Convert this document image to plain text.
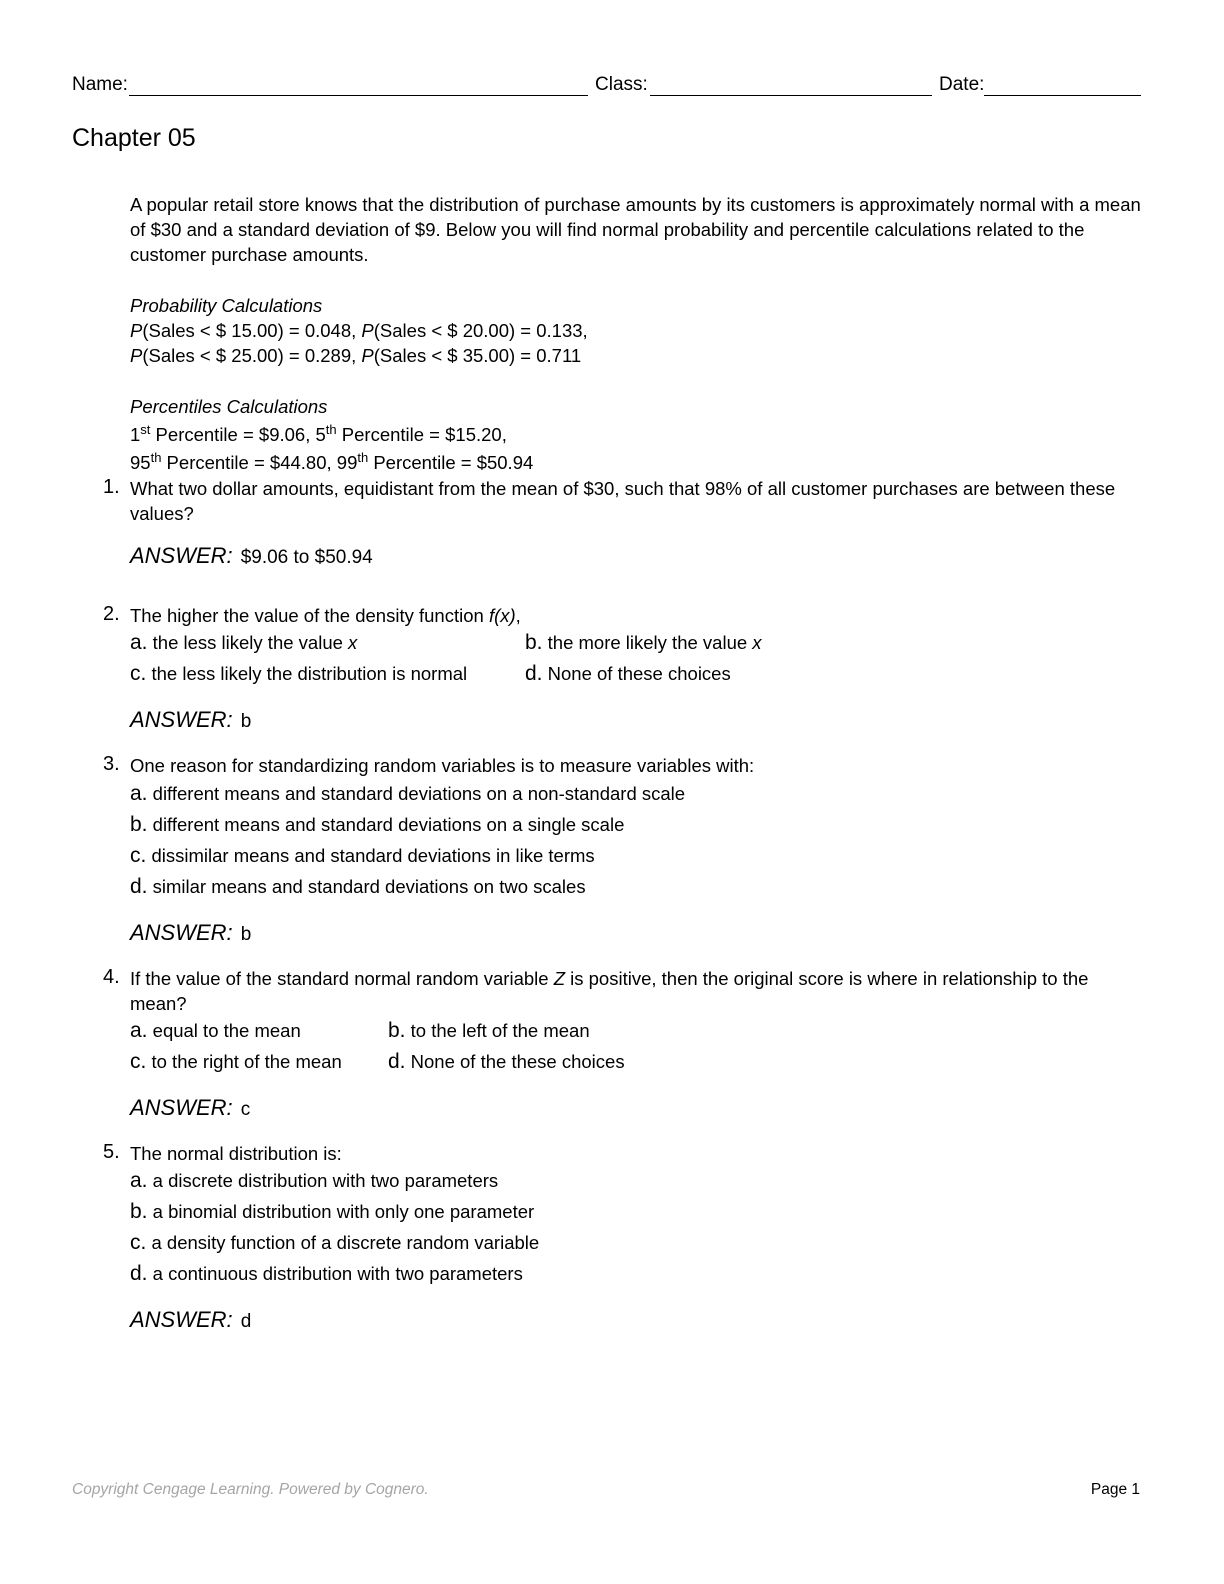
Name:	Class:	Date:
Chapter 05
A popular retail store knows that the distribution of purchase amounts by its customers is approximately normal with a mean of $30 and a standard deviation of $9. Below you will find normal probability and percentile calculations related to the customer purchase amounts.
Probability Calculations
P(Sales < $ 15.00) = 0.048, P(Sales < $ 20.00) = 0.133,
P(Sales < $ 25.00) = 0.289, P(Sales < $ 35.00) = 0.711
Percentiles Calculations
1st Percentile = $9.06, 5th Percentile = $15.20,
95th Percentile = $44.80, 99th Percentile = $50.94
1. What two dollar amounts, equidistant from the mean of $30, such that 98% of all customer purchases are between these values?
ANSWER: $9.06 to $50.94
2. The higher the value of the density function f(x),
a. the less likely the value x	b. the more likely the value x
c. the less likely the distribution is normal	d. None of these choices
ANSWER: b
3. One reason for standardizing random variables is to measure variables with:
a. different means and standard deviations on a non-standard scale
b. different means and standard deviations on a single scale
c. dissimilar means and standard deviations in like terms
d. similar means and standard deviations on two scales
ANSWER: b
4. If the value of the standard normal random variable Z is positive, then the original score is where in relationship to the mean?
a. equal to the mean	b. to the left of the mean
c. to the right of the mean d. None of the these choices
ANSWER: c
5. The normal distribution is:
a. a discrete distribution with two parameters
b. a binomial distribution with only one parameter
c. a density function of a discrete random variable
d. a continuous distribution with two parameters
ANSWER: d
Copyright Cengage Learning. Powered by Cognero.	Page 1
